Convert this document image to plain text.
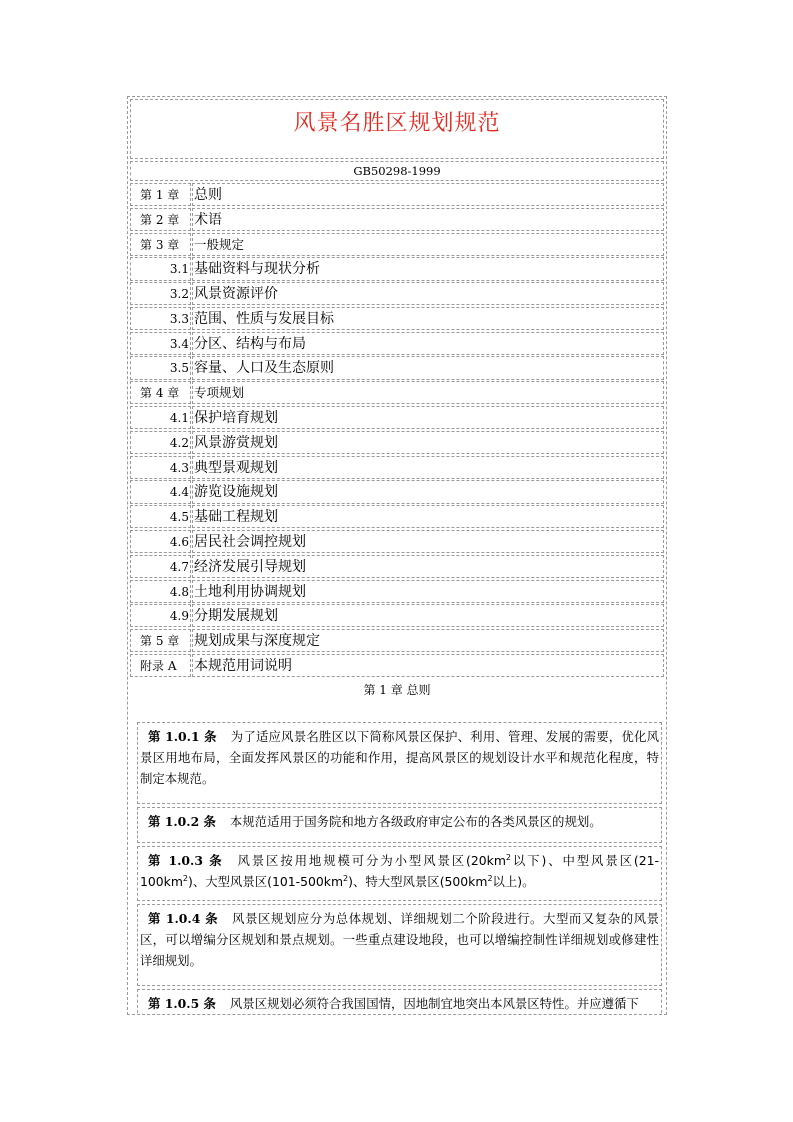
风景名胜区规划规范
GB50298-1999
第 1 章	总则
第 2 章	术语
第 3 章	一般规定
3.1 基础资料与现状分析
3.2 风景资源评价
3.3 范围、性质与发展目标
3.4 分区、结构与布局
3.5 容量、人口及生态原则
第 4 章	专项规划
4.1 保护培育规划
4.2 风景游赏规划
4.3 典型景观规划
4.4 游览设施规划
4.5 基础工程规划
4.6 居民社会调控规划
4.7 经济发展引导规划
4.8 土地利用协调规划
4.9 分期发展规划
第 5 章	规划成果与深度规定
附录 A	本规范用词说明
第 1 章 总则
第 1.0.1 条 为了适应风景名胜区以下简称风景区保护、利用、管理、发展的需要，优化风景区用地布局，全面发挥风景区的功能和作用，提高风景区的规划设计水平和规范化程度，特制定本规范。
第 1.0.2 条 本规范适用于国务院和地方各级政府审定公布的各类风景区的规划。
第 1.0.3 条 风景区按用地规模可分为小型风景区($20km^2$以下)、中型风景区$(21-100km^2)$、大型风景区$(101-500km^2)$、特大型风景区($500km^2$以上)。
第 1.0.4 条 风景区规划应分为总体规划、详细规划二个阶段进行。大型而又复杂的风景区，可以增编分区规划和景点规划。一些重点建设地段，也可以增编控制性详细规划或修建性详细规划。
第 1.0.5 条 风景区规划必须符合我国国情，因地制宜地突出本风景区特性。并应遵循下
